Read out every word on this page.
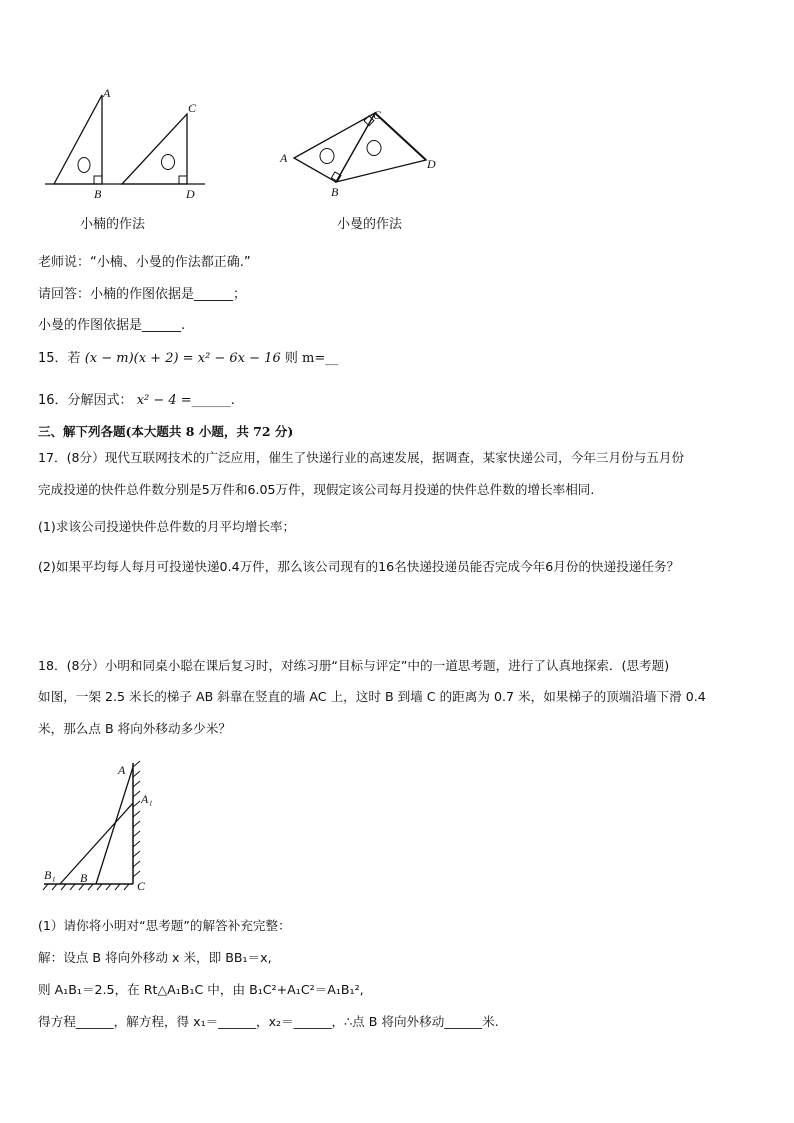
A
B
C
D
A
C
D
B
小楠的作法	小曼的作法
老师说：“小楠、小曼的作法都正确.”
请回答：小楠的作图依据是______；
小曼的作图依据是______.
15．若 (x − m)(x + 2) = x² − 6x − 16 则 m=__
16．分解因式： x² − 4 =______.
三、解下列各题(本大题共 8 小题，共 72 分)
17．(8分）现代互联网技术的广泛应用，催生了快递行业的高速发展，据调查，某家快递公司，今年三月份与五月份
完成投递的快件总件数分别是5万件和6.05万件，现假定该公司每月投递的快件总件数的增长率相同.
(1)求该公司投递快件总件数的月平均增长率；
(2)如果平均每人每月可投递快递0.4万件，那么该公司现有的16名快递投递员能否完成今年6月份的快递投递任务？
18．(8分）小明和同桌小聪在课后复习时，对练习册“目标与评定”中的一道思考题，进行了认真地探索．(思考题)
如图，一架 2.5 米长的梯子 AB 斜靠在竖直的墙 AC 上，这时 B 到墙 C 的距离为 0.7 米，如果梯子的顶端沿墙下滑 0.4
米，那么点 B 将向外移动多少米？
A
A₁
B₁ B
C
(1）请你将小明对“思考题”的解答补充完整：
解：设点 B 将向外移动 x 米，即 BB₁＝x,
则 A₁B₁＝2.5，在 Rt△A₁B₁C 中，由 B₁C²+A₁C²＝A₁B₁²,
得方程______，解方程，得 x₁＝______，x₂＝______，∴点 B 将向外移动______米.
